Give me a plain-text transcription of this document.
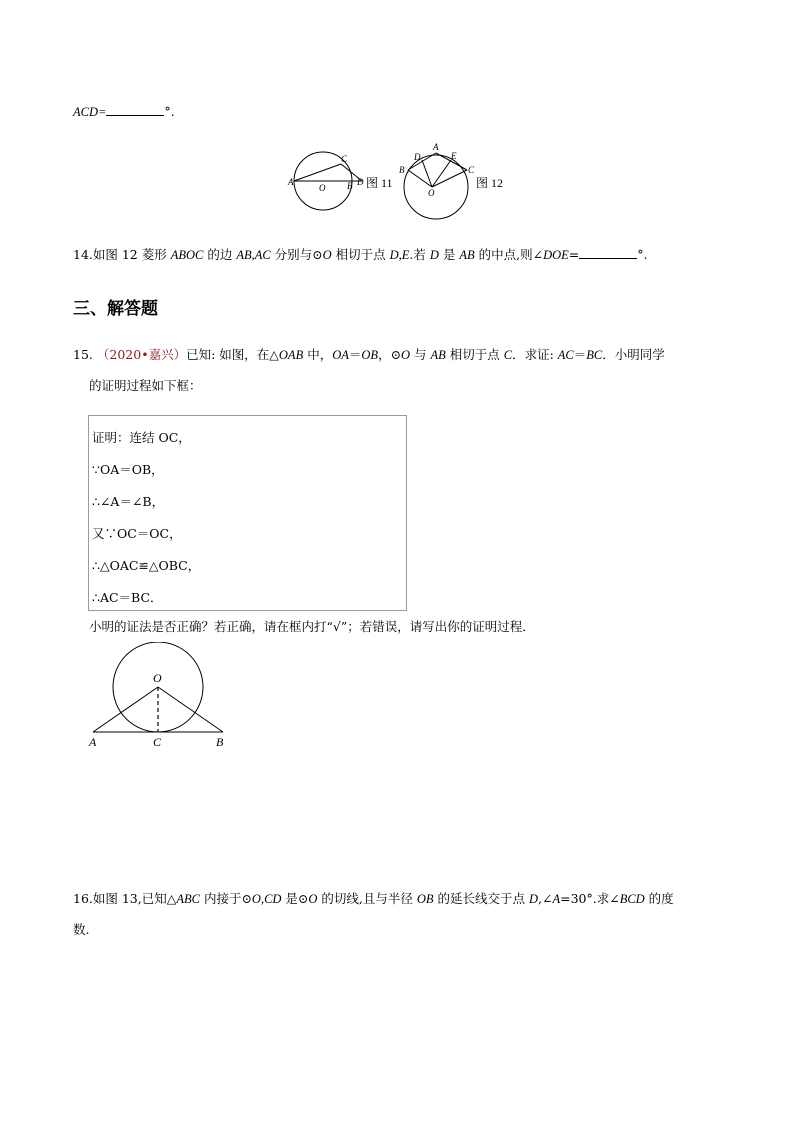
ACD=	°.
A
O
C
B D 图 11
A
B	C
D	E
O
图 12
14.如图 12 菱形 ABOC 的边 AB,AC 分别与⊙O 相切于点 D,E.若 D 是 AB 的中点,则∠DOE=	°.
三、解答题
15. （2020•嘉兴）已知: 如图，在△OAB 中，OA＝OB，⊙O 与 AB 相切于点 C．求证: AC＝BC．小明同学
的证明过程如下框：
证明：连结 OC，
∵OA＝OB，
∴∠A＝∠B，
又∵OC＝OC，
∴△OAC≌△OBC，
∴AC＝BC．
小明的证法是否正确？若正确，请在框内打“√”；若错误，请写出你的证明过程．
O
A	C	B
16.如图 13,已知△ABC 内接于⊙O,CD 是⊙O 的切线,且与半径 OB 的延长线交于点 D,∠A=30°.求∠BCD 的度
数.
